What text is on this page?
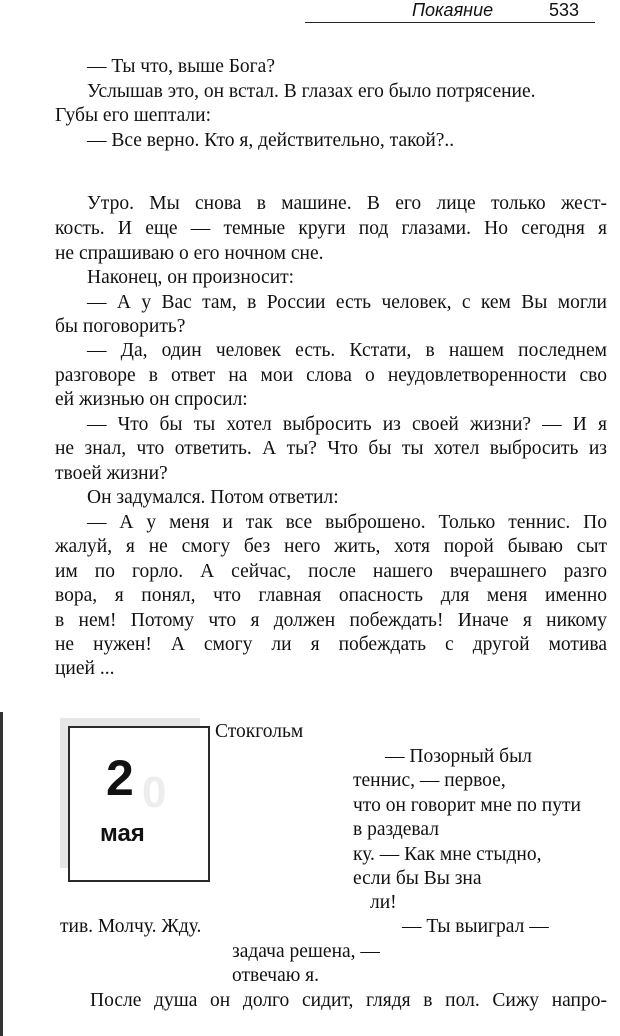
Покаяние	533
— Ты что, выше Бога?
Услышав это, он встал. В глазах его было потрясение.
Губы его шептали:
— Все верно. Кто я, действительно, такой?..
Утро. Мы снова в машине. В его лице только жест-
кость. И еще — темные круги под глазами. Но сегодня я
не спрашиваю о его ночном сне.
Наконец, он произносит:
— А у Вас там, в России есть человек, с кем Вы могли
бы поговорить?
— Да, один человек есть. Кстати, в нашем последнем
разговоре в ответ на мои слова о неудовлетворенности сво
ей жизнью он спросил:
— Что бы ты хотел выбросить из своей жизни? — И я
не знал, что ответить. А ты? Что бы ты хотел выбросить из
твоей жизни?
Он задумался. Потом ответил:
— А у меня и так все выброшено. Только теннис. По
жалуй, я не смогу без него жить, хотя порой бываю сыт
им по горло. А сейчас, после нашего вчерашнего разго
вора, я понял, что главная опасность для меня именно
в нем! Потому что я должен побеждать! Иначе я никому
не нужен! А смогу ли я побеждать с другой мотива
цией ...
0
2
мая
Стокгольм
— Позорный был
теннис, — первое,
что он говорит мне по пути
в раздевал
ку. — Как мне стыдно,
если бы Вы зна
ли!
тив. Молчу. Жду.	— Ты выиграл —
задача решена, —
отвечаю я.
После душа он долго сидит, глядя в пол. Сижу напро-
